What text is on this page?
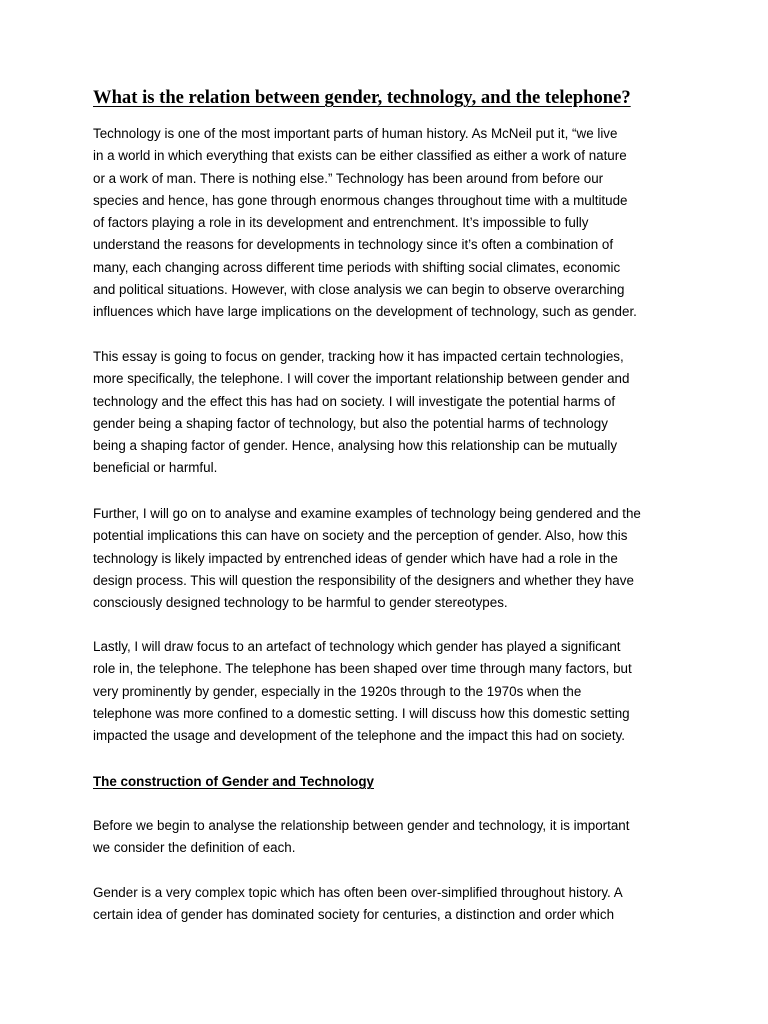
What is the relation between gender, technology, and the telephone?

Technology is one of the most important parts of human history. As McNeil put it, “we live
in a world in which everything that exists can be either classified as either a work of nature
or a work of man. There is nothing else.” Technology has been around from before our
species and hence, has gone through enormous changes throughout time with a multitude
of factors playing a role in its development and entrenchment. It’s impossible to fully
understand the reasons for developments in technology since it’s often a combination of
many, each changing across different time periods with shifting social climates, economic
and political situations. However, with close analysis we can begin to observe overarching
influences which have large implications on the development of technology, such as gender.

This essay is going to focus on gender, tracking how it has impacted certain technologies,
more specifically, the telephone. I will cover the important relationship between gender and
technology and the effect this has had on society. I will investigate the potential harms of
gender being a shaping factor of technology, but also the potential harms of technology
being a shaping factor of gender. Hence, analysing how this relationship can be mutually
beneficial or harmful.

Further, I will go on to analyse and examine examples of technology being gendered and the
potential implications this can have on society and the perception of gender. Also, how this
technology is likely impacted by entrenched ideas of gender which have had a role in the
design process. This will question the responsibility of the designers and whether they have
consciously designed technology to be harmful to gender stereotypes.

Lastly, I will draw focus to an artefact of technology which gender has played a significant
role in, the telephone. The telephone has been shaped over time through many factors, but
very prominently by gender, especially in the 1920s through to the 1970s when the
telephone was more confined to a domestic setting. I will discuss how this domestic setting
impacted the usage and development of the telephone and the impact this had on society.

The construction of Gender and Technology

Before we begin to analyse the relationship between gender and technology, it is important
we consider the definition of each.

Gender is a very complex topic which has often been over-simplified throughout history. A
certain idea of gender has dominated society for centuries, a distinction and order which
